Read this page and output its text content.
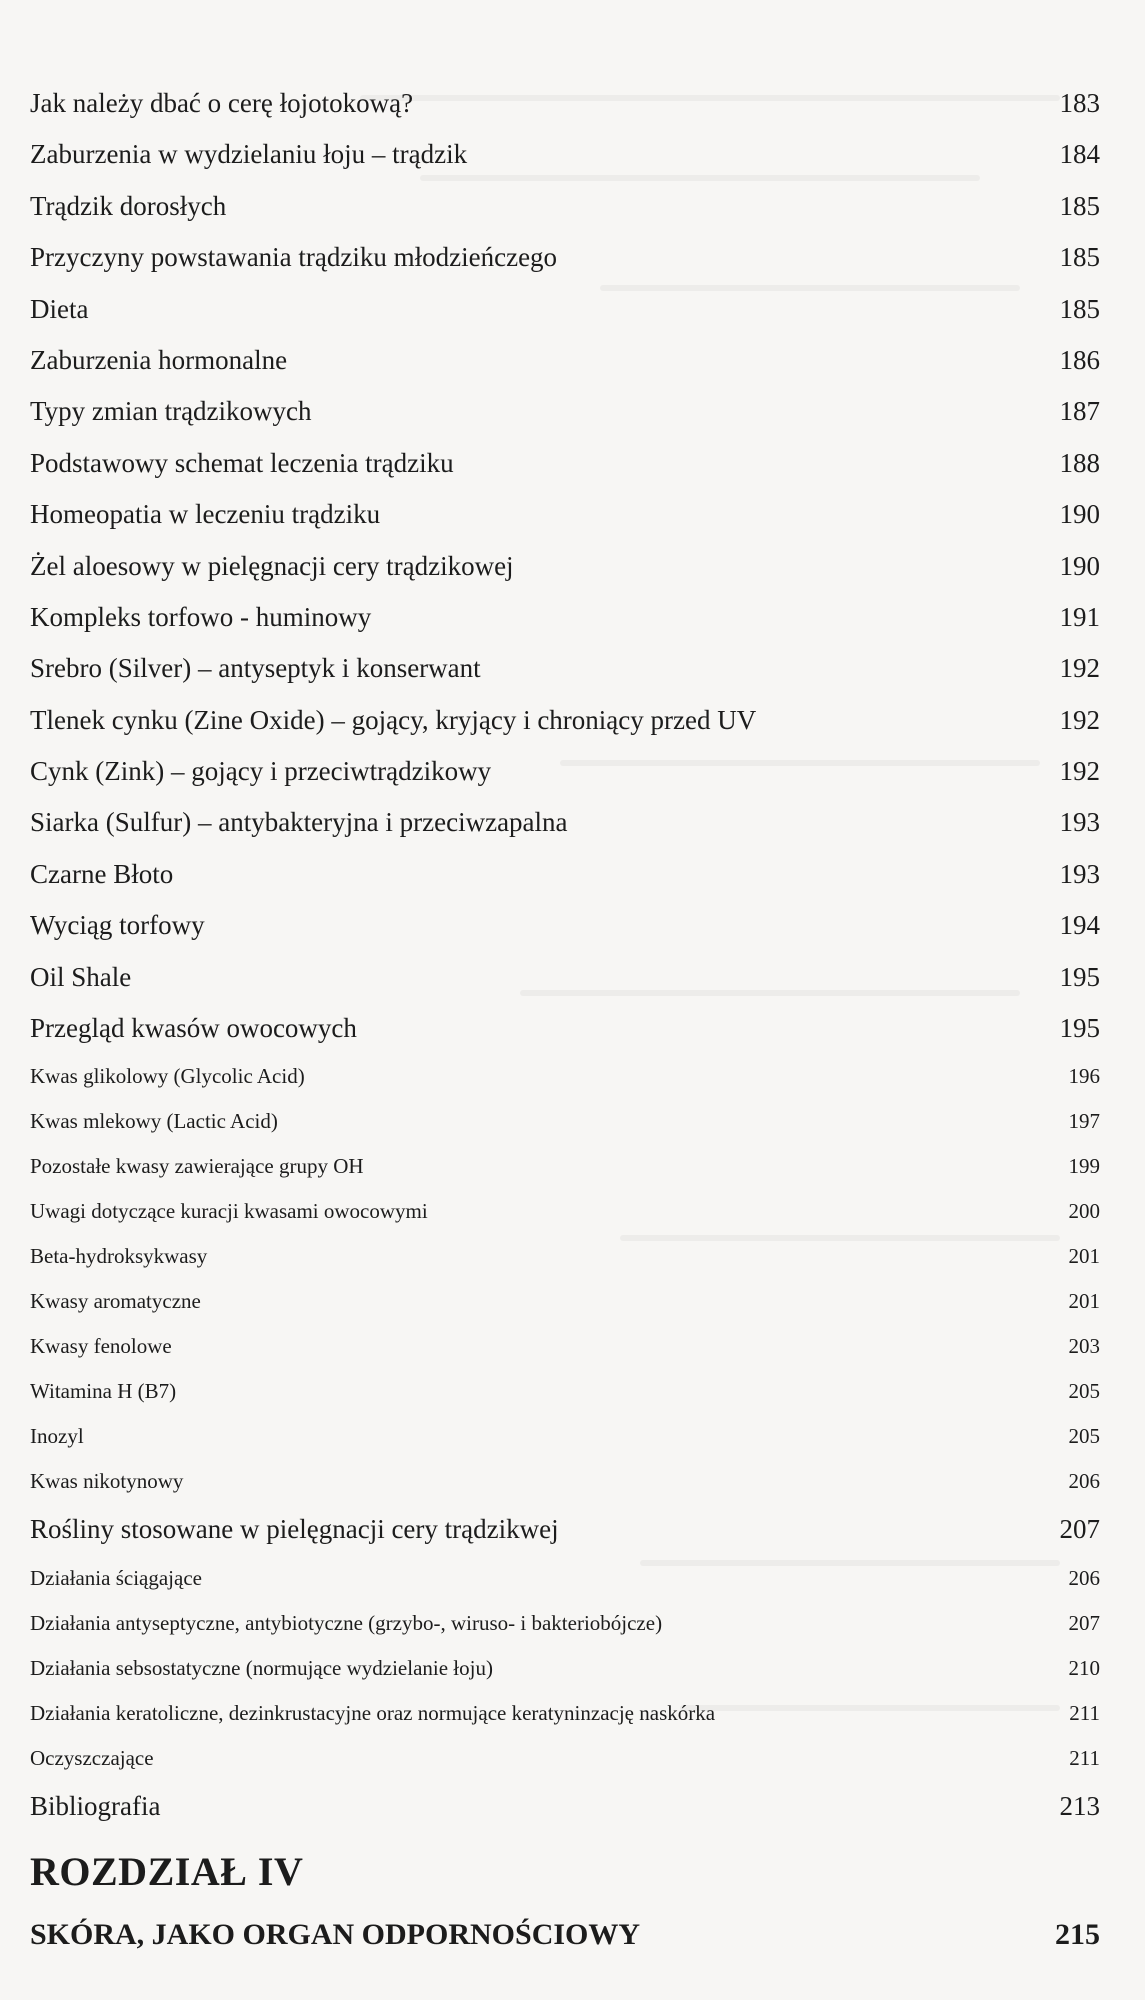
Jak należy dbać o cerę łojotokową?	183
Zaburzenia w wydzielaniu łoju – trądzik	184
Trądzik dorosłych	185
Przyczyny powstawania trądziku młodzieńczego	185
Dieta	185
Zaburzenia hormonalne	186
Typy zmian trądzikowych	187
Podstawowy schemat leczenia trądziku	188
Homeopatia w leczeniu trądziku	190
Żel aloesowy w pielęgnacji cery trądzikowej	190
Kompleks torfowo - huminowy	191
Srebro (Silver) – antyseptyk i konserwant	192
Tlenek cynku (Zine Oxide) – gojący, kryjący i chroniący przed UV	192
Cynk (Zink) – gojący i przeciwtrądzikowy	192
Siarka (Sulfur) – antybakteryjna i przeciwzapalna	193
Czarne Błoto	193
Wyciąg torfowy	194
Oil Shale	195
Przegląd kwasów owocowych	195
Kwas glikolowy (Glycolic Acid)	196
Kwas mlekowy (Lactic Acid)	197
Pozostałe kwasy zawierające grupy OH	199
Uwagi dotyczące kuracji kwasami owocowymi	200
Beta-hydroksykwasy	201
Kwasy aromatyczne	201
Kwasy fenolowe	203
Witamina H (B7)	205
Inozyl	205
Kwas nikotynowy	206
Rośliny stosowane w pielęgnacji cery trądzikwej	207
Działania ściągające	206
Działania antyseptyczne, antybiotyczne (grzybo-, wiruso- i bakteriobójcze)	207
Działania sebsostatyczne (normujące wydzielanie łoju)	210
Działania keratoliczne, dezinkrustacyjne oraz normujące keratyninzację naskórka	211
Oczyszczające	211
Bibliografia	213
ROZDZIAŁ IV
SKÓRA, JAKO ORGAN ODPORNOŚCIOWY	215
